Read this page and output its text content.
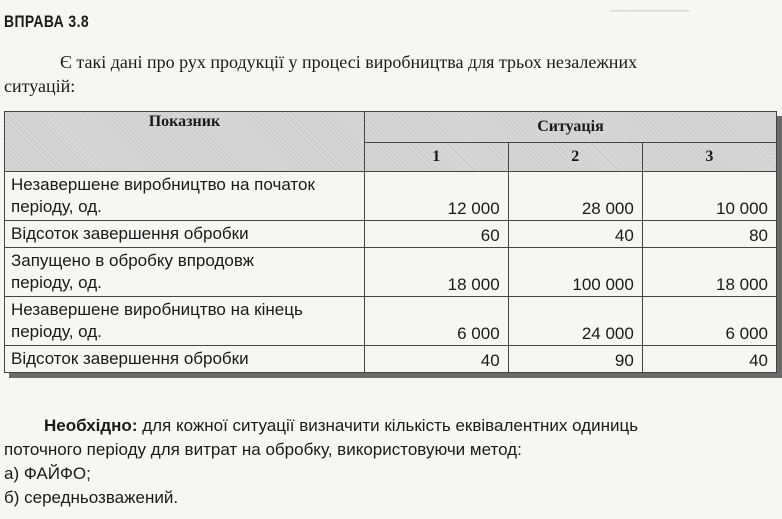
────────
ВПРАВА 3.8
Є такі дані про рух продукції у процесі виробництва для трьох незалежних
ситуацій:
Показник	Ситуація		
	1	2	3

Незавершене виробництво на початок
періоду, од.	12 000	28 000	10 000
Відсоток завершення обробки	60	40	80

Запущено в обробку впродовж
періоду, од.	18 000	100 000	18 000

Незавершене виробництво на кінець
періоду, од.	6 000	24 000	6 000
Відсоток завершення обробки	40	90	40
Необхідно: для кожної ситуації визначити кількість еквівалентних одиниць
поточного періоду для витрат на обробку, використовуючи метод:
а) ФАЙФО;
б) середньозважений.
